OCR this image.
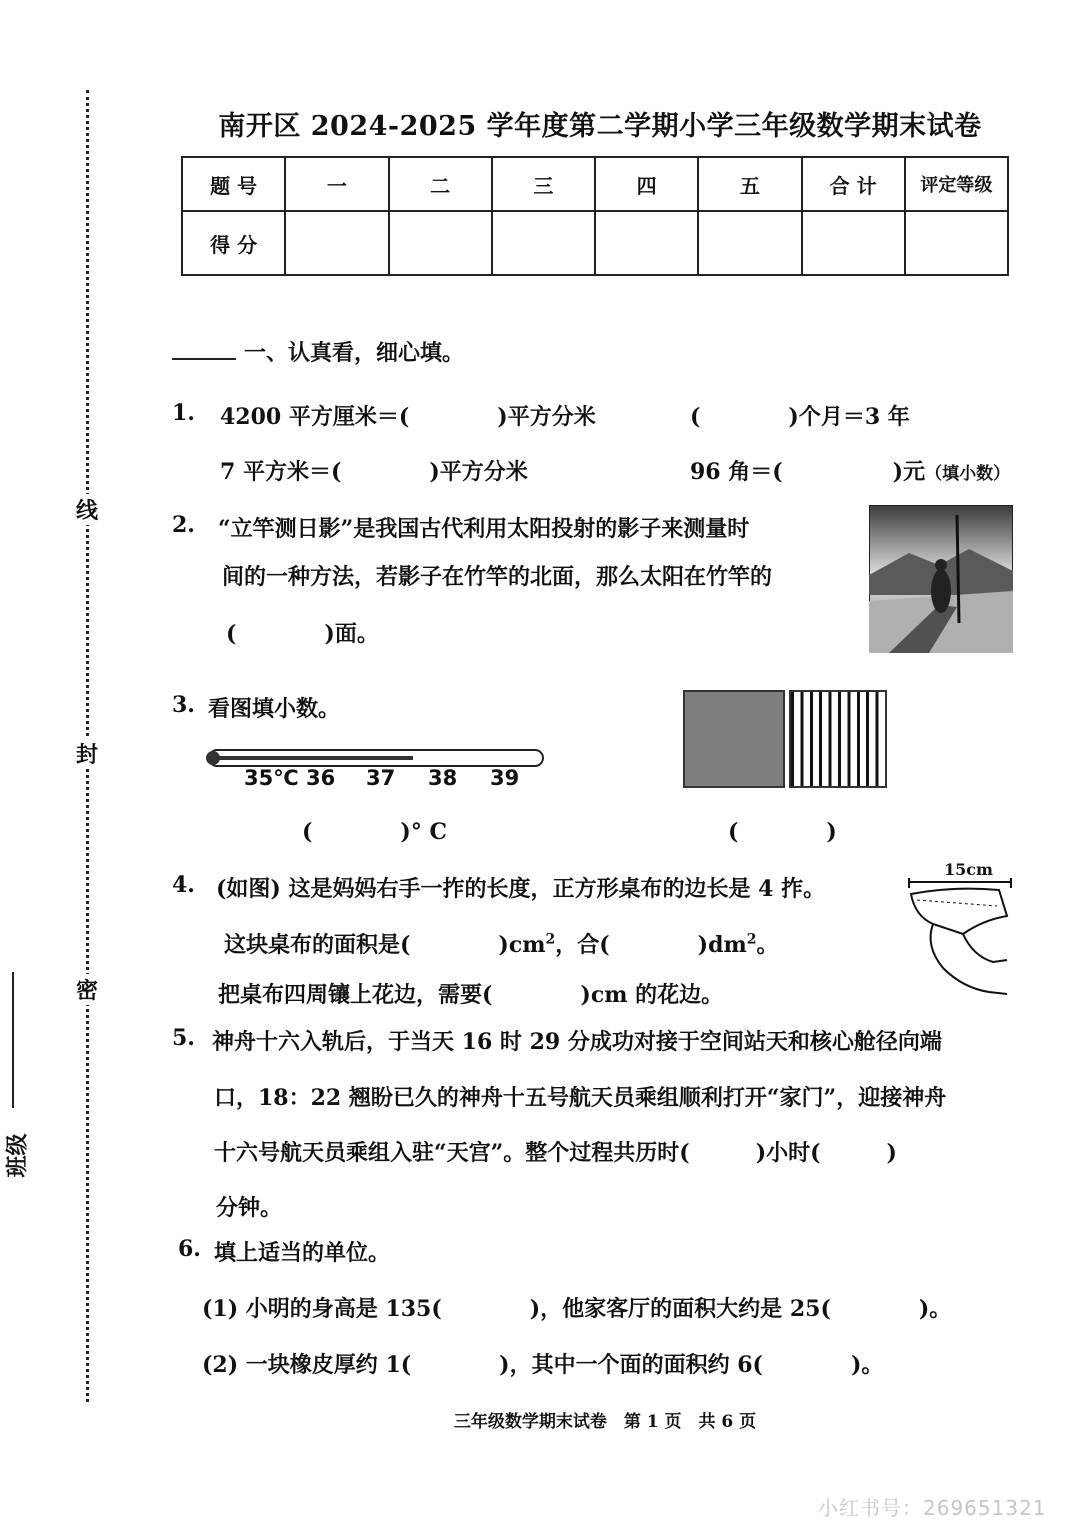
线
封
密
班级
南开区 2024-2025 学年度第二学期小学三年级数学期末试卷
题 号	一	二	三	四	五	合 计	评定等级
得 分							
一、认真看，细心填。
1. 4200 平方厘米＝(　　　　)平方分米	(　　　　)个月＝3 年
7 平方米＝(　　　　)平方分米	96 角＝(　　　　　)元（填小数）
2. “立竿测日影”是我国古代利用太阳投射的影子来测量时
间的一种方法，若影子在竹竿的北面，那么太阳在竹竿的
(　　　　)面。
3. 看图填小数。
35℃ 36 37 38 39
(　　　　)° C	(　　　　)
4. (如图) 这是妈妈右手一拃的长度，正方形桌布的边长是 4 拃。
这块桌布的面积是(　　　　)$cm^2$，合(　　　　)$dm^2$。
把桌布四周镶上花边，需要(　　　　)cm 的花边。
15cm
5. 神舟十六入轨后，于当天 16 时 29 分成功对接于空间站天和核心舱径向端
口，18：22 翘盼已久的神舟十五号航天员乘组顺利打开“家门”，迎接神舟
十六号航天员乘组入驻“天宫”。整个过程共历时(　　　)小时(　　　)
分钟。
6. 填上适当的单位。
(1) 小明的身高是 135(　　　　)，他家客厅的面积大约是 25(　　　　)。
(2) 一块橡皮厚约 1(　　　　)，其中一个面的面积约 6(　　　　)。
三年级数学期末试卷　第 1 页　共 6 页
小红书号：269651321
